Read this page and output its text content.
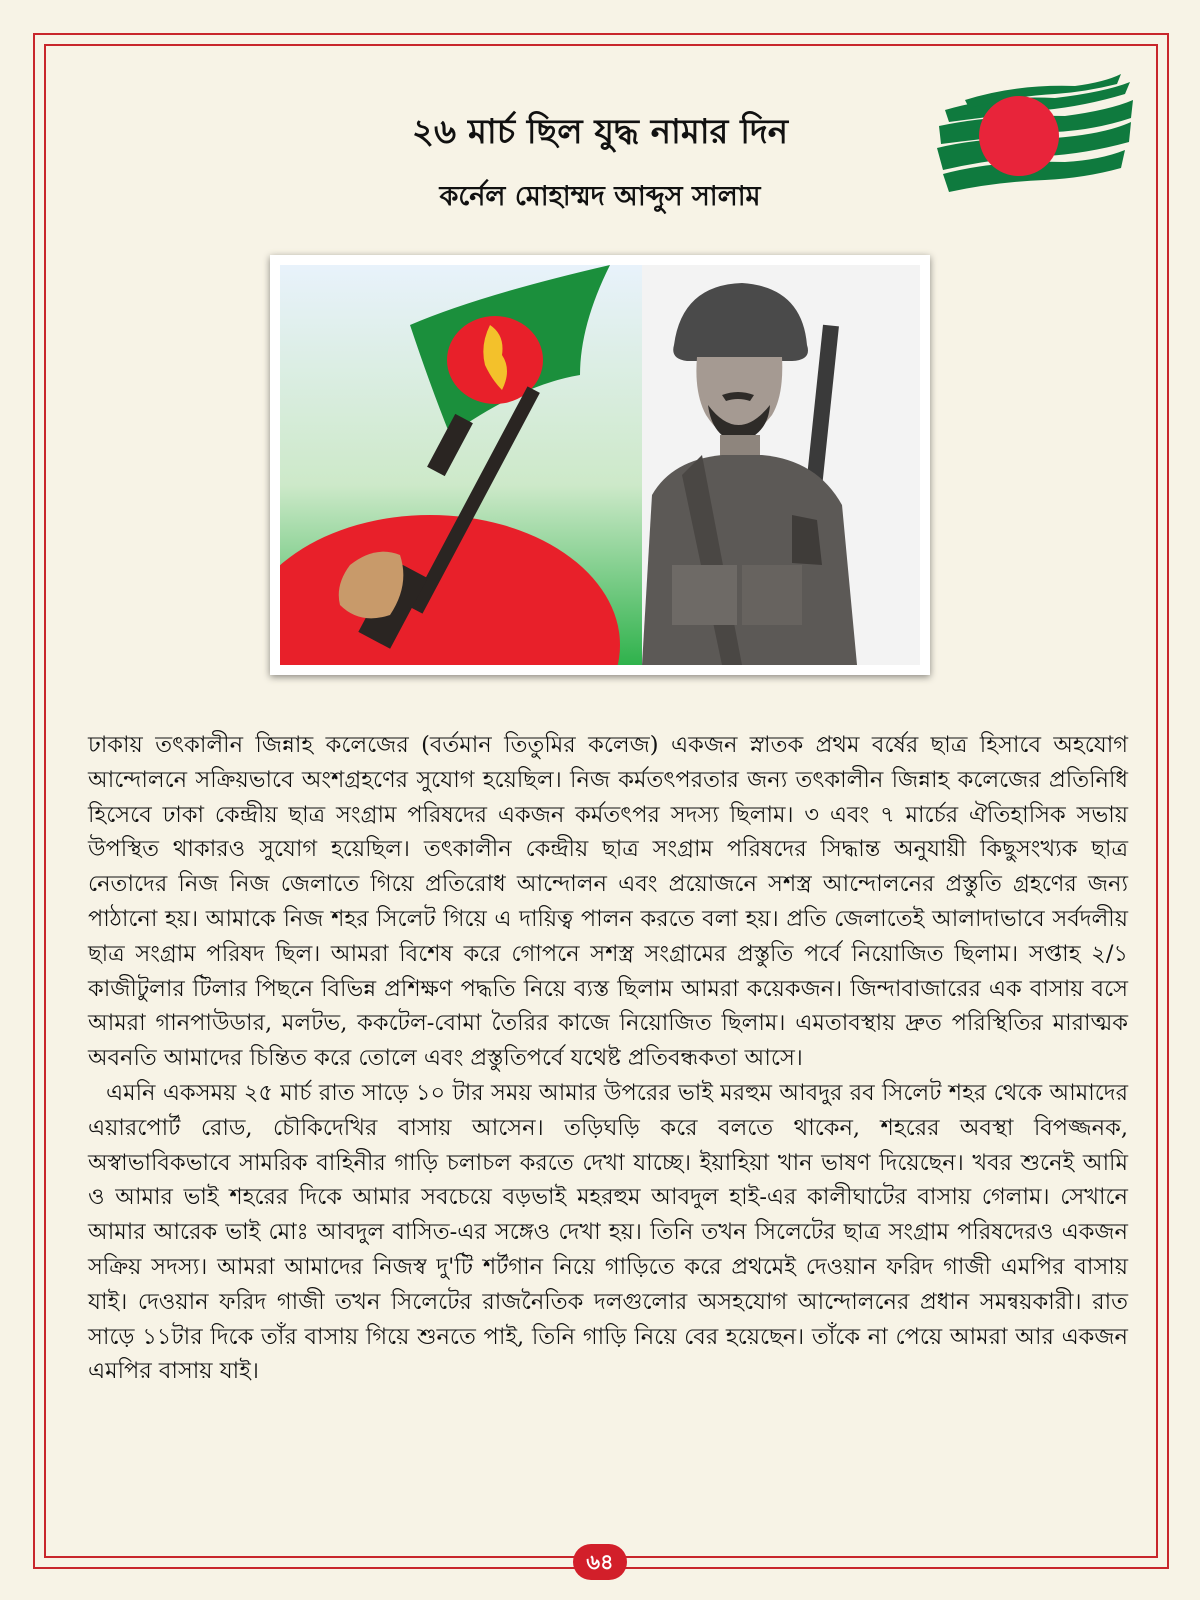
২৬ মার্চ ছিল যুদ্ধ নামার দিন
কর্নেল মোহাম্মদ আব্দুস সালাম

ঢাকায় তৎকালীন জিন্নাহ কলেজের (বর্তমান তিতুমির কলেজ) একজন স্নাতক প্রথম বর্ষের ছাত্র হিসাবে অহযোগ আন্দোলনে সক্রিয়ভাবে অংশগ্রহণের সুযোগ হয়েছিল। নিজ কর্মতৎপরতার জন্য তৎকালীন জিন্নাহ কলেজের প্রতিনিধি হিসেবে ঢাকা কেন্দ্রীয় ছাত্র সংগ্রাম পরিষদের একজন কর্মতৎপর সদস্য ছিলাম। ৩ এবং ৭ মার্চের ঐতিহাসিক সভায় উপস্থিত থাকারও সুযোগ হয়েছিল। তৎকালীন কেন্দ্রীয় ছাত্র সংগ্রাম পরিষদের সিদ্ধান্ত অনুযায়ী কিছুসংখ্যক ছাত্র নেতাদের নিজ নিজ জেলাতে গিয়ে প্রতিরোধ আন্দোলন এবং প্রয়োজনে সশস্ত্র আন্দোলনের প্রস্তুতি গ্রহণের জন্য পাঠানো হয়। আমাকে নিজ শহর সিলেট গিয়ে এ দায়িত্ব পালন করতে বলা হয়। প্রতি জেলাতেই আলাদাভাবে সর্বদলীয় ছাত্র সংগ্রাম পরিষদ ছিল। আমরা বিশেষ করে গোপনে সশস্ত্র সংগ্রামের প্রস্তুতি পর্বে নিয়োজিত ছিলাম। সপ্তাহ ২/১ কাজীটুলার টিলার পিছনে বিভিন্ন প্রশিক্ষণ পদ্ধতি নিয়ে ব্যস্ত ছিলাম আমরা কয়েকজন। জিন্দাবাজারের এক বাসায় বসে আমরা গানপাউডার, মলটভ, ককটেল-বোমা তৈরির কাজে নিয়োজিত ছিলাম। এমতাবস্থায় দ্রুত পরিস্থিতির মারাত্মক অবনতি আমাদের চিন্তিত করে তোলে এবং প্রস্তুতিপর্বে যথেষ্ট প্রতিবন্ধকতা আসে।

এমনি একসময় ২৫ মার্চ রাত সাড়ে ১০ টার সময় আমার উপরের ভাই মরহুম আবদুর রব সিলেট শহর থেকে আমাদের এয়ারপোর্ট রোড, চৌকিদেখির বাসায় আসেন। তড়িঘড়ি করে বলতে থাকেন, শহরের অবস্থা বিপজ্জনক, অস্বাভাবিকভাবে সামরিক বাহিনীর গাড়ি চলাচল করতে দেখা যাচ্ছে। ইয়াহিয়া খান ভাষণ দিয়েছেন। খবর শুনেই আমি ও আমার ভাই শহরের দিকে আমার সবচেয়ে বড়ভাই মহরহুম আবদুল হাই-এর কালীঘাটের বাসায় গেলাম। সেখানে আমার আরেক ভাই মোঃ আবদুল বাসিত-এর সঙ্গেও দেখা হয়। তিনি তখন সিলেটের ছাত্র সংগ্রাম পরিষদেরও একজন সক্রিয় সদস্য। আমরা আমাদের নিজস্ব দু'টি শর্টগান নিয়ে গাড়িতে করে প্রথমেই দেওয়ান ফরিদ গাজী এমপির বাসায় যাই। দেওয়ান ফরিদ গাজী তখন সিলেটের রাজনৈতিক দলগুলোর অসহযোগ আন্দোলনের প্রধান সমন্বয়কারী। রাত সাড়ে ১১টার দিকে তাঁর বাসায় গিয়ে শুনতে পাই, তিনি গাড়ি নিয়ে বের হয়েছেন। তাঁকে না পেয়ে আমরা আর একজন এমপির বাসায় যাই।

৬৪
